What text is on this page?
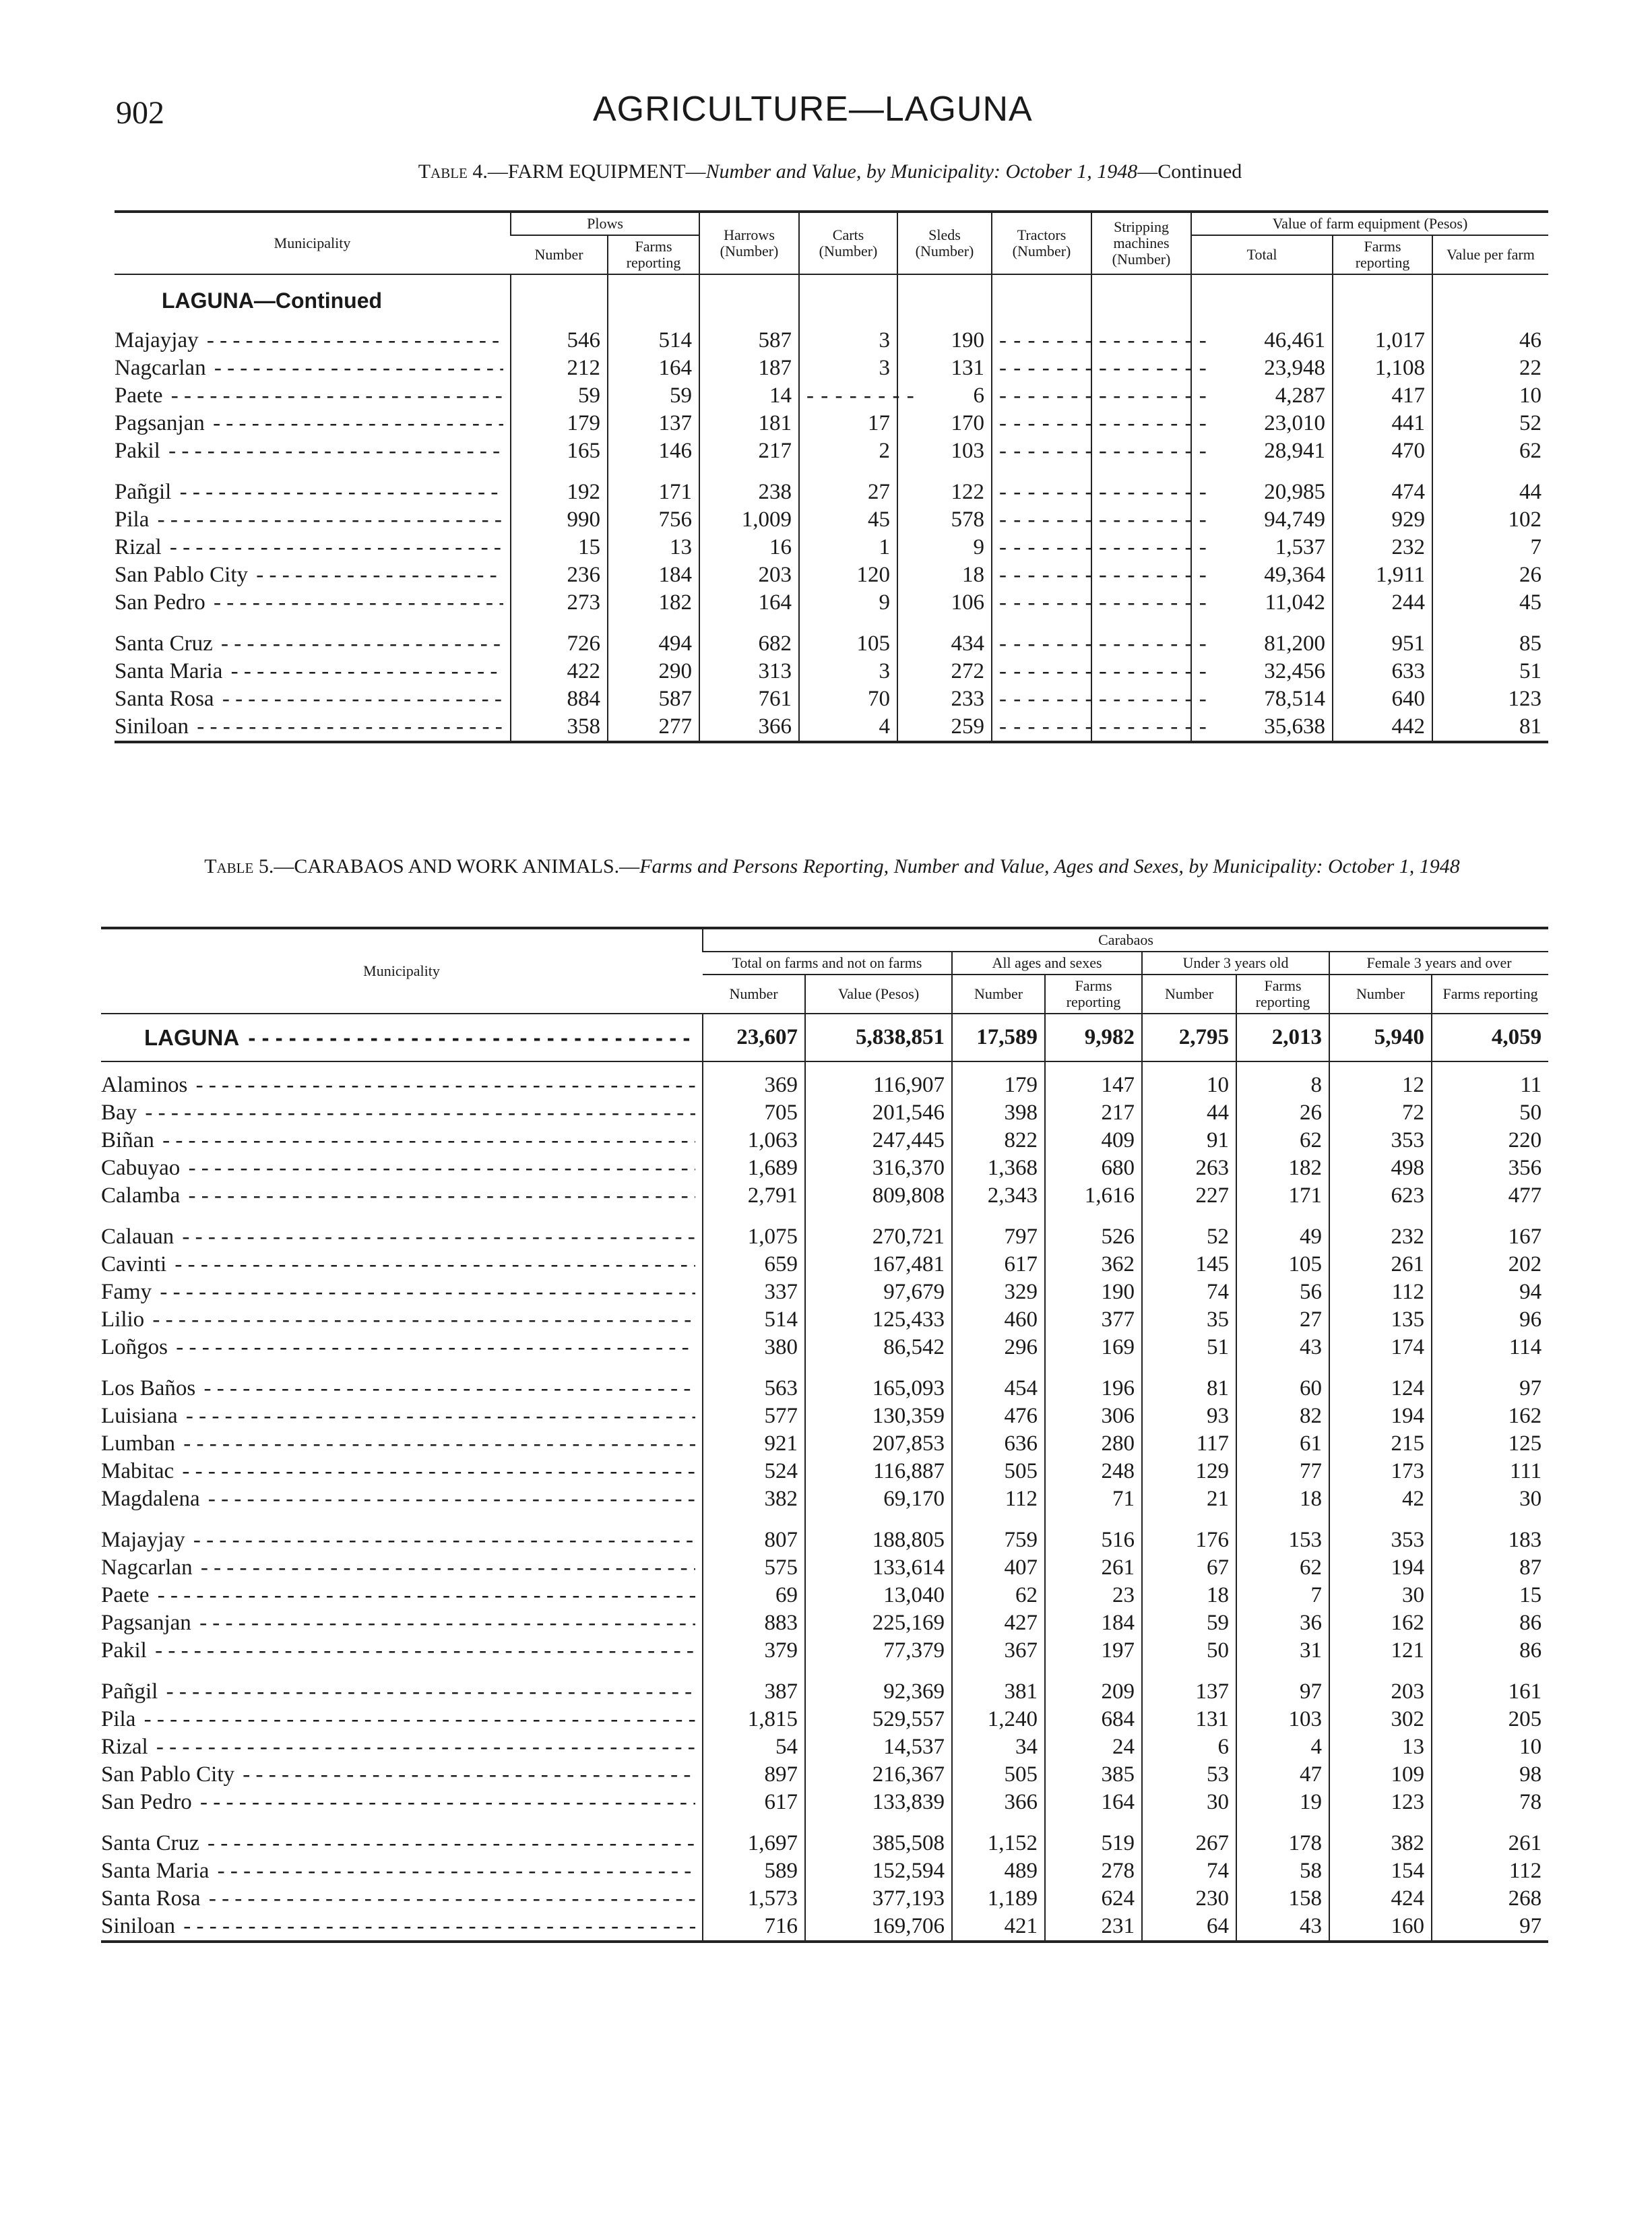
902	AGRICULTURE—LAGUNA
Table 4.—FARM EQUIPMENT—Number and Value, by Municipality: October 1, 1948—Continued
Municipality	Plows		Harrows (Number)	Carts (Number)	Sleds (Number)	Tractors (Number)	Stripping machines (Number)	Value of farm equipment (Pesos)		
	Number	Farms reporting						Total	Farms reporting	Value per farm
LAGUNA—Continued										

Majayjay - - -	546	514	587	3	190	- - -	- - -	46,461	1,017	46

Nagcarlan - - -	212	164	187	3	131	- - -	- - -	23,948	1,108	22

Paete - - -	59	59	14	- - -	6	- - -	- - -	4,287	417	10

Pagsanjan - - -	179	137	181	17	170	- - -	- - -	23,010	441	52

Pakil - - -	165	146	217	2	103	- - -	- - -	28,941	470	62

Pañgil - - -	192	171	238	27	122	- - -	- - -	20,985	474	44

Pila - - -	990	756	1,009	45	578	- - -	- - -	94,749	929	102

Rizal - - -	15	13	16	1	9	- - -	- - -	1,537	232	7

San Pablo City - - -	236	184	203	120	18	- - -	- - -	49,364	1,911	26

San Pedro - - -	273	182	164	9	106	- - -	- - -	11,042	244	45

Santa Cruz - - -	726	494	682	105	434	- - -	- - -	81,200	951	85

Santa Maria - - -	422	290	313	3	272	- - -	- - -	32,456	633	51

Santa Rosa - - -	884	587	761	70	233	- - -	- - -	78,514	640	123

Siniloan - - -	358	277	366	4	259	- - -	- - -	35,638	442	81
Table 5.—CARABAOS AND WORK ANIMALS.—Farms and Persons Reporting, Number and Value, Ages and Sexes, by Municipality: October 1, 1948
Municipality	Carabaos							
	Total on farms and not on farms		All ages and sexes		Under 3 years old		Female 3 years and over	
	Number	Value (Pesos)	Number	Farms reporting	Number	Farms reporting	Number	Farms reporting

LAGUNA - - -	23,607	5,838,851	17,589	9,982	2,795	2,013	5,940	4,059

Alaminos - - -	369	116,907	179	147	10	8	12	11

Bay - - -	705	201,546	398	217	44	26	72	50

Biñan - - -	1,063	247,445	822	409	91	62	353	220

Cabuyao - - -	1,689	316,370	1,368	680	263	182	498	356

Calamba - - -	2,791	809,808	2,343	1,616	227	171	623	477

Calauan - - -	1,075	270,721	797	526	52	49	232	167

Cavinti - - -	659	167,481	617	362	145	105	261	202

Famy - - -	337	97,679	329	190	74	56	112	94

Lilio - - -	514	125,433	460	377	35	27	135	96

Loñgos - - -	380	86,542	296	169	51	43	174	114

Los Baños - - -	563	165,093	454	196	81	60	124	97

Luisiana - - -	577	130,359	476	306	93	82	194	162

Lumban - - -	921	207,853	636	280	117	61	215	125

Mabitac - - -	524	116,887	505	248	129	77	173	111

Magdalena - - -	382	69,170	112	71	21	18	42	30

Majayjay - - -	807	188,805	759	516	176	153	353	183

Nagcarlan - - -	575	133,614	407	261	67	62	194	87

Paete - - -	69	13,040	62	23	18	7	30	15

Pagsanjan - - -	883	225,169	427	184	59	36	162	86

Pakil - - -	379	77,379	367	197	50	31	121	86

Pañgil - - -	387	92,369	381	209	137	97	203	161

Pila - - -	1,815	529,557	1,240	684	131	103	302	205

Rizal - - -	54	14,537	34	24	6	4	13	10

San Pablo City - - -	897	216,367	505	385	53	47	109	98

San Pedro - - -	617	133,839	366	164	30	19	123	78

Santa Cruz - - -	1,697	385,508	1,152	519	267	178	382	261

Santa Maria - - -	589	152,594	489	278	74	58	154	112

Santa Rosa - - -	1,573	377,193	1,189	624	230	158	424	268

Siniloan - - -	716	169,706	421	231	64	43	160	97
